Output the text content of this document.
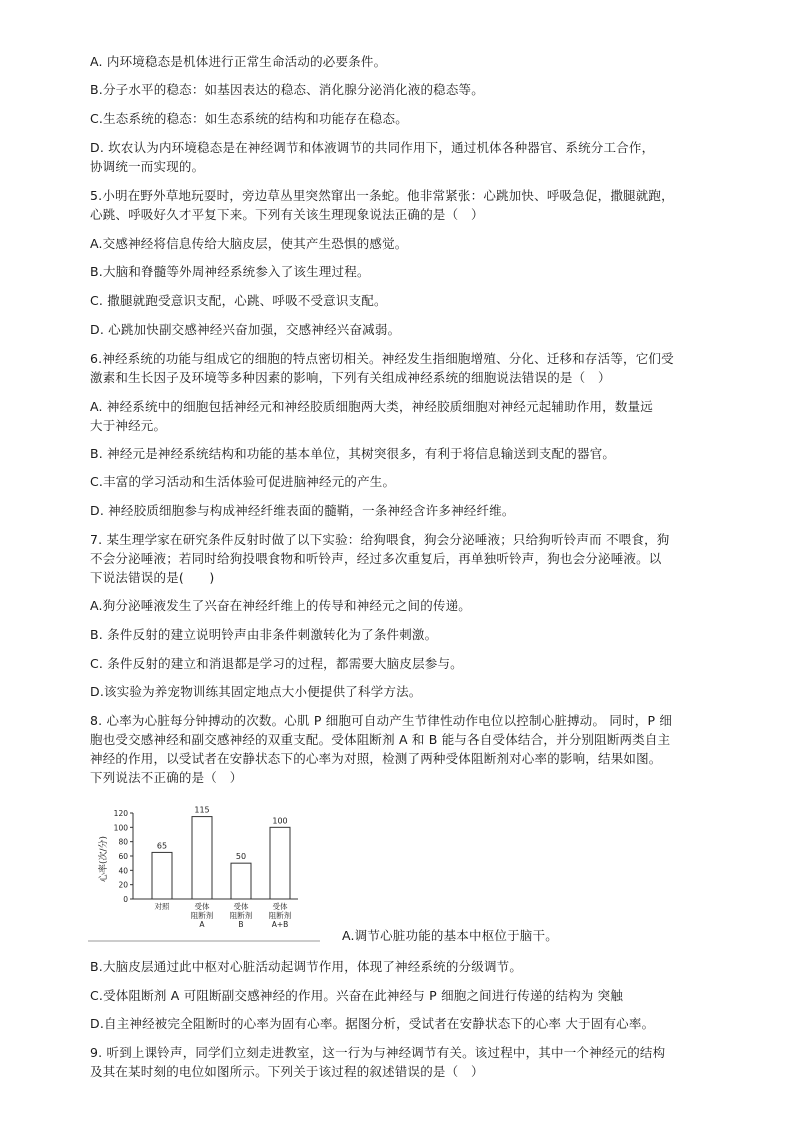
A. 内环境稳态是机体进行正常生命活动的必要条件。
B.分子水平的稳态：如基因表达的稳态、消化腺分泌消化液的稳态等。
C.生态系统的稳态：如生态系统的结构和功能存在稳态。
D. 坎农认为内环境稳态是在神经调节和体液调节的共同作用下，通过机体各种器官、系统分工合作，
协调统一而实现的。
5.小明在野外草地玩耍时，旁边草丛里突然窜出一条蛇。他非常紧张：心跳加快、呼吸急促，撒腿就跑，
心跳、呼吸好久才平复下来。下列有关该生理现象说法正确的是（　）
A.交感神经将信息传给大脑皮层，使其产生恐惧的感觉。
B.大脑和脊髓等外周神经系统参入了该生理过程。
C. 撒腿就跑受意识支配，心跳、呼吸不受意识支配。
D. 心跳加快副交感神经兴奋加强，交感神经兴奋减弱。
6.神经系统的功能与组成它的细胞的特点密切相关。神经发生指细胞增殖、分化、迁移和存活等，它们受
激素和生长因子及环境等多种因素的影响，下列有关组成神经系统的细胞说法错误的是（　）
A. 神经系统中的细胞包括神经元和神经胶质细胞两大类，神经胶质细胞对神经元起辅助作用，数量远
大于神经元。
B. 神经元是神经系统结构和功能的基本单位，其树突很多，有利于将信息输送到支配的器官。
C.丰富的学习活动和生活体验可促进脑神经元的产生。
D. 神经胶质细胞参与构成神经纤维表面的髓鞘，一条神经含许多神经纤维。
7. 某生理学家在研究条件反射时做了以下实验：给狗喂食，狗会分泌唾液；只给狗听铃声而 不喂食，狗
不会分泌唾液；若同时给狗投喂食物和听铃声，经过多次重复后，再单独听铃声，狗也会分泌唾液。以
下说法错误的是(　　)
A.狗分泌唾液发生了兴奋在神经纤维上的传导和神经元之间的传递。
B. 条件反射的建立说明铃声由非条件刺激转化为了条件刺激。
C. 条件反射的建立和消退都是学习的过程，都需要大脑皮层参与。
D.该实验为养宠物训练其固定地点大小便提供了科学方法。
8. 心率为心脏每分钟搏动的次数。心肌 P 细胞可自动产生节律性动作电位以控制心脏搏动。 同时，P 细
胞也受交感神经和副交感神经的双重支配。受体阻断剂 A 和 B 能与各自受体结合，并分别阻断两类自主
神经的作用，以受试者在安静状态下的心率为对照，检测了两种受体阻断剂对心率的影响，结果如图。
下列说法不正确的是（　）
A.调节心脏功能的基本中枢位于脑干。
B.大脑皮层通过此中枢对心脏活动起调节作用，体现了神经系统的分级调节。
C.受体阻断剂 A 可阻断副交感神经的作用。兴奋在此神经与 P 细胞之间进行传递的结构为 突触
D.自主神经被完全阻断时的心率为固有心率。据图分析，受试者在安静状态下的心率 大于固有心率。
9. 听到上课铃声，同学们立刻走进教室，这一行为与神经调节有关。该过程中，其中一个神经元的结构
及其在某时刻的电位如图所示。下列关于该过程的叙述错误的是（　）
心率(次/分)
0
20
40
60
80
100
120
65
115
50
100
对照	受体
阻断剂
A
受体
阻断剂
B
受体
阻断剂
A+B
